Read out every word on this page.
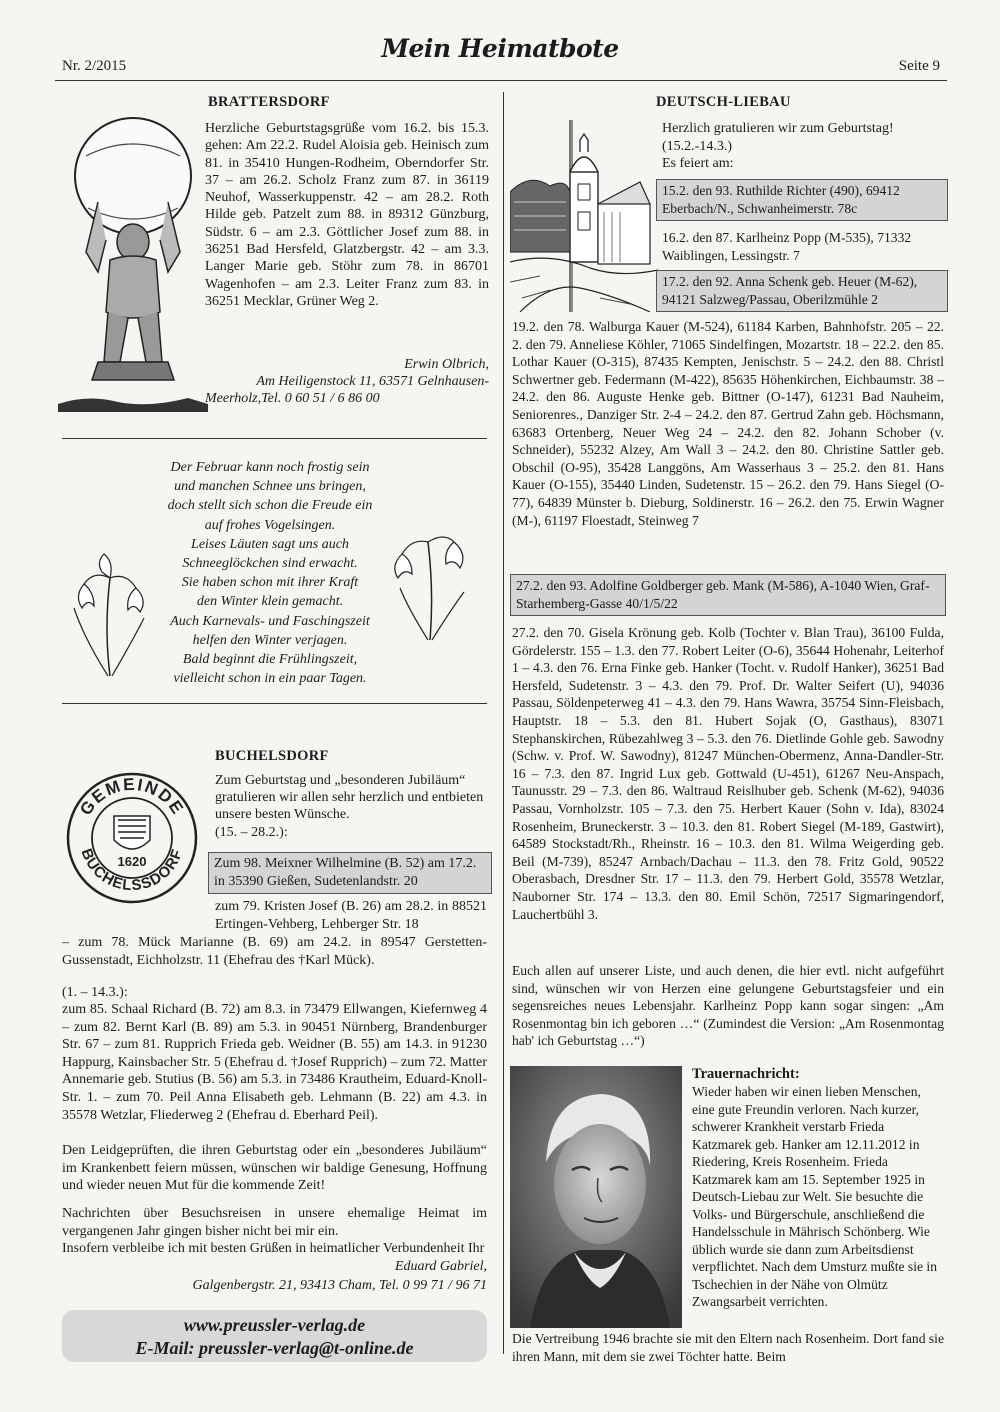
Nr. 2/2015
Mein Heimatbote
Seite 9
BRATTERSDORF

Herzliche Geburtstagsgrüße vom 16.2. bis 15.3. gehen: Am 22.2. Rudel Aloisia geb. Heinisch zum 81. in 35410 Hungen-Rodheim, Oberndorfer Str. 37 – am 26.2. Scholz Franz zum 87. in 36119 Neuhof, Wasserkuppenstr. 42 – am 28.2. Roth Hilde geb. Patzelt zum 88. in 89312 Günzburg, Südstr. 6 – am 2.3. Göttlicher Josef zum 88. in 36251 Bad Hersfeld, Glatzbergstr. 42 – am 3.3. Langer Marie geb. Stöhr zum 78. in 86701 Wagenhofen – am 2.3. Leiter Franz zum 83. in 36251 Mecklar, Grüner Weg 2.

Erwin Olbrich,
Am Heiligenstock 11, 63571 Gelnhausen-
Meerholz,Tel. 0 60 51 / 6 86 00
Der Februar kann noch frostig sein
und manchen Schnee uns bringen,
doch stellt sich schon die Freude ein
auf frohes Vogelsingen.
Leises Läuten sagt uns auch
Schneeglöckchen sind erwacht.
Sie haben schon mit ihrer Kraft
den Winter klein gemacht.
Auch Karnevals- und Faschingszeit
helfen den Winter verjagen.
Bald beginnt die Frühlingszeit,
vielleicht schon in ein paar Tagen.
BUCHELSDORF
GEMEINDE
BUCHELSSDORF
1620

Zum Geburtstag und „besonderen Jubiläum“ gratulieren wir allen sehr herzlich und entbieten unsere besten Wünsche.

(15. – 28.2.):

Zum 98. Meixner Wilhelmine (B. 52) am 17.2. in 35390 Gießen, Sudetenlandstr. 20

zum 79. Kristen Josef (B. 26) am 28.2. in 88521 Ertingen-Vehberg, Lehberger Str. 18

– zum 78. Mück Marianne (B. 69) am 24.2. in 89547 Gerstetten-Gussenstadt, Eichholzstr. 11 (Ehefrau des †Karl Mück).

(1. – 14.3.):

zum 85. Schaal Richard (B. 72) am 8.3. in 73479 Ellwangen, Kiefernweg 4 – zum 82. Bernt Karl (B. 89) am 5.3. in 90451 Nürnberg, Brandenburger Str. 67 – zum 81. Rupprich Frieda geb. Weidner (B. 55) am 14.3. in 91230 Happurg, Kainsbacher Str. 5 (Ehefrau d. †Josef Rupprich) – zum 72. Matter Annemarie geb. Stutius (B. 56) am 5.3. in 73486 Krautheim, Eduard-Knoll-Str. 1. – zum 70. Peil Anna Elisabeth geb. Lehmann (B. 22) am 4.3. in 35578 Wetzlar, Fliederweg 2 (Ehefrau d. Eberhard Peil).

Den Leidgeprüften, die ihren Geburtstag oder ein „besonderes Jubiläum“ im Krankenbett feiern müssen, wünschen wir baldige Genesung, Hoffnung und wieder neuen Mut für die kommende Zeit!

Nachrichten über Besuchsreisen in unsere ehemalige Heimat im vergangenen Jahr gingen bisher nicht bei mir ein.

Insofern verbleibe ich mit besten Grüßen in heimatlicher Verbundenheit Ihr

Eduard Gabriel,
Galgenbergstr. 21, 93413 Cham, Tel. 0 99 71 / 96 71
www.preussler-verlag.de
E-Mail: preussler-verlag@t-online.de
DEUTSCH-LIEBAU

Herzlich gratulieren wir zum Geburtstag! (15.2.-14.3.)

Es feiert am:

15.2. den 93. Ruthilde Richter (490), 69412 Eberbach/N., Schwanheimerstr. 78c

16.2. den 87. Karlheinz Popp (M-535), 71332 Waiblingen, Lessingstr. 7

17.2. den 92. Anna Schenk geb. Heuer (M-62), 94121 Salzweg/Passau, Oberilzmühle 2

19.2. den 78. Walburga Kauer (M-524), 61184 Karben, Bahnhofstr. 205 – 22. 2. den 79. Anneliese Köhler, 71065 Sindelfingen, Mozartstr. 18 – 22.2. den 85. Lothar Kauer (O-315), 87435 Kempten, Jenischstr. 5 – 24.2. den 88. Christl Schwertner geb. Federmann (M-422), 85635 Höhenkirchen, Eichbaumstr. 38 – 24.2. den 86. Auguste Henke geb. Bittner (O-147), 61231 Bad Nauheim, Seniorenres., Danziger Str. 2-4 – 24.2. den 87. Gertrud Zahn geb. Höchsmann, 63683 Ortenberg, Neuer Weg 24 – 24.2. den 82. Johann Schober (v. Schneider), 55232 Alzey, Am Wall 3 – 24.2. den 80. Christine Sattler geb. Obschil (O-95), 35428 Langgöns, Am Wasserhaus 3 – 25.2. den 81. Hans Kauer (O-155), 35440 Linden, Sudetenstr. 15 – 26.2. den 79. Hans Siegel (O-77), 64839 Münster b. Dieburg, Soldinerstr. 16 – 26.2. den 75. Erwin Wagner (M-), 61197 Floestadt, Steinweg 7

27.2. den 93. Adolfine Goldberger geb. Mank (M-586), A-1040 Wien, Graf-Starhemberg-Gasse 40/1/5/22

27.2. den 70. Gisela Krönung geb. Kolb (Tochter v. Blan Trau), 36100 Fulda, Gördelerstr. 155 – 1.3. den 77. Robert Leiter (O-6), 35644 Hohenahr, Leiterhof 1 – 4.3. den 76. Erna Finke geb. Hanker (Tocht. v. Rudolf Hanker), 36251 Bad Hersfeld, Sudetenstr. 3 – 4.3. den 79. Prof. Dr. Walter Seifert (U), 94036 Passau, Söldenpeterweg 41 – 4.3. den 79. Hans Wawra, 35754 Sinn-Fleisbach, Hauptstr. 18 – 5.3. den 81. Hubert Sojak (O, Gasthaus), 83071 Stephanskirchen, Rübezahlweg 3 – 5.3. den 76. Dietlinde Gohle geb. Sawodny (Schw. v. Prof. W. Sawodny), 81247 München-Obermenz, Anna-Dandler-Str. 16 – 7.3. den 87. Ingrid Lux geb. Gottwald (U-451), 61267 Neu-Anspach, Taunusstr. 29 – 7.3. den 86. Waltraud Reislhuber geb. Schenk (M-62), 94036 Passau, Vornholzstr. 105 – 7.3. den 75. Herbert Kauer (Sohn v. Ida), 83024 Rosenheim, Bruneckerstr. 3 – 10.3. den 81. Robert Siegel (M-189, Gastwirt), 64589 Stockstadt/Rh., Rheinstr. 16 – 10.3. den 81. Wilma Weigerding geb. Beil (M-739), 85247 Arnbach/Dachau – 11.3. den 78. Fritz Gold, 90522 Oberasbach, Dresdner Str. 17 – 11.3. den 79. Herbert Gold, 35578 Wetzlar, Nauborner Str. 174 – 13.3. den 80. Emil Schön, 72517 Sigmaringendorf, Lauchertbühl 3.

Euch allen auf unserer Liste, und auch denen, die hier evtl. nicht aufgeführt sind, wünschen wir von Herzen eine gelungene Geburtstagsfeier und ein segensreiches neues Lebensjahr. Karlheinz Popp kann sogar singen: „Am Rosenmontag bin ich geboren …“ (Zumindest die Version: „Am Rosenmontag hab' ich Geburtstag …“)

Trauernachricht:

Wieder haben wir einen lieben Menschen, eine gute Freundin verloren. Nach kurzer, schwerer Krankheit verstarb Frieda Katzmarek geb. Hanker am 12.11.2012 in Riedering, Kreis Rosenheim. Frieda Katzmarek kam am 15. September 1925 in Deutsch-Liebau zur Welt. Sie besuchte die Volks- und Bürgerschule, anschließend die Handelsschule in Mährisch Schönberg. Wie üblich wurde sie dann zum Arbeitsdienst verpflichtet. Nach dem Umsturz mußte sie in Tschechien in der Nähe von Olmütz Zwangsarbeit verrichten.

Die Vertreibung 1946 brachte sie mit den Eltern nach Rosenheim. Dort fand sie ihren Mann, mit dem sie zwei Töchter hatte. Beim
